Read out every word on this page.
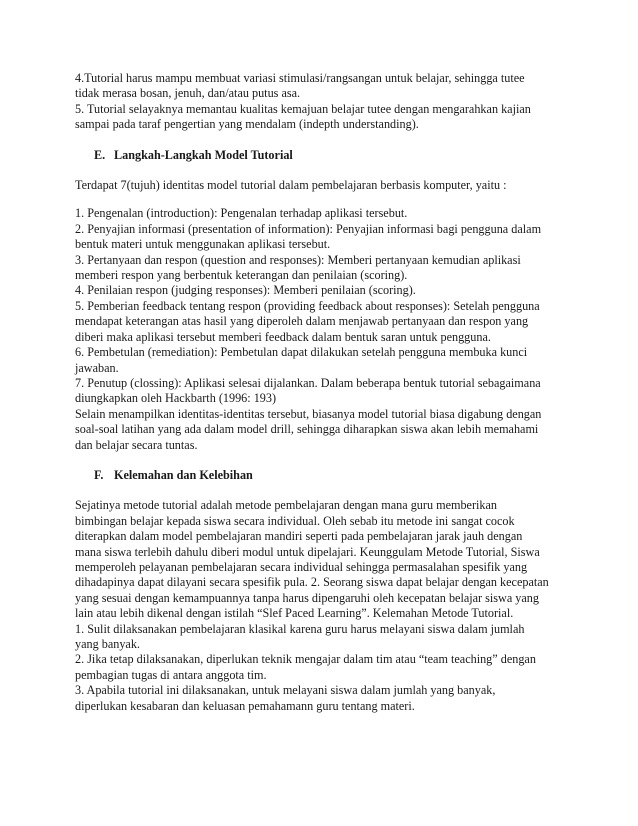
4.Tutorial harus mampu membuat variasi stimulasi/rangsangan untuk belajar, sehingga tutee
tidak merasa bosan, jenuh, dan/atau putus asa.
5. Tutorial selayaknya memantau kualitas kemajuan belajar tutee dengan mengarahkan kajian
sampai pada taraf pengertian yang mendalam (indepth understanding).
E. Langkah-Langkah Model Tutorial
Terdapat 7(tujuh) identitas model tutorial dalam pembelajaran berbasis komputer, yaitu :
1. Pengenalan (introduction): Pengenalan terhadap aplikasi tersebut.
2. Penyajian informasi (presentation of information): Penyajian informasi bagi pengguna dalam
bentuk materi untuk menggunakan aplikasi tersebut.
3. Pertanyaan dan respon (question and responses): Memberi pertanyaan kemudian aplikasi
memberi respon yang berbentuk keterangan dan penilaian (scoring).
4. Penilaian respon (judging responses): Memberi penilaian (scoring).
5. Pemberian feedback tentang respon (providing feedback about responses): Setelah pengguna
mendapat keterangan atas hasil yang diperoleh dalam menjawab pertanyaan dan respon yang
diberi maka aplikasi tersebut memberi feedback dalam bentuk saran untuk pengguna.
6. Pembetulan (remediation): Pembetulan dapat dilakukan setelah pengguna membuka kunci
jawaban.
7. Penutup (clossing): Aplikasi selesai dijalankan. Dalam beberapa bentuk tutorial sebagaimana
diungkapkan oleh Hackbarth (1996: 193)
Selain menampilkan identitas-identitas tersebut, biasanya model tutorial biasa digabung dengan
soal-soal latihan yang ada dalam model drill, sehingga diharapkan siswa akan lebih memahami
dan belajar secara tuntas.
F. Kelemahan dan Kelebihan
Sejatinya metode tutorial adalah metode pembelajaran dengan mana guru memberikan
bimbingan belajar kepada siswa secara individual. Oleh sebab itu metode ini sangat cocok
diterapkan dalam model pembelajaran mandiri seperti pada pembelajaran jarak jauh dengan
mana siswa terlebih dahulu diberi modul untuk dipelajari. Keunggulam Metode Tutorial, Siswa
memperoleh pelayanan pembelajaran secara individual sehingga permasalahan spesifik yang
dihadapinya dapat dilayani secara spesifik pula. 2. Seorang siswa dapat belajar dengan kecepatan
yang sesuai dengan kemampuannya tanpa harus dipengaruhi oleh kecepatan belajar siswa yang
lain atau lebih dikenal dengan istilah “Slef Paced Learning”. Kelemahan Metode Tutorial.
1. Sulit dilaksanakan pembelajaran klasikal karena guru harus melayani siswa dalam jumlah
yang banyak.
2. Jika tetap dilaksanakan, diperlukan teknik mengajar dalam tim atau “team teaching” dengan
pembagian tugas di antara anggota tim.
3. Apabila tutorial ini dilaksanakan, untuk melayani siswa dalam jumlah yang banyak,
diperlukan kesabaran dan keluasan pemahamann guru tentang materi.
